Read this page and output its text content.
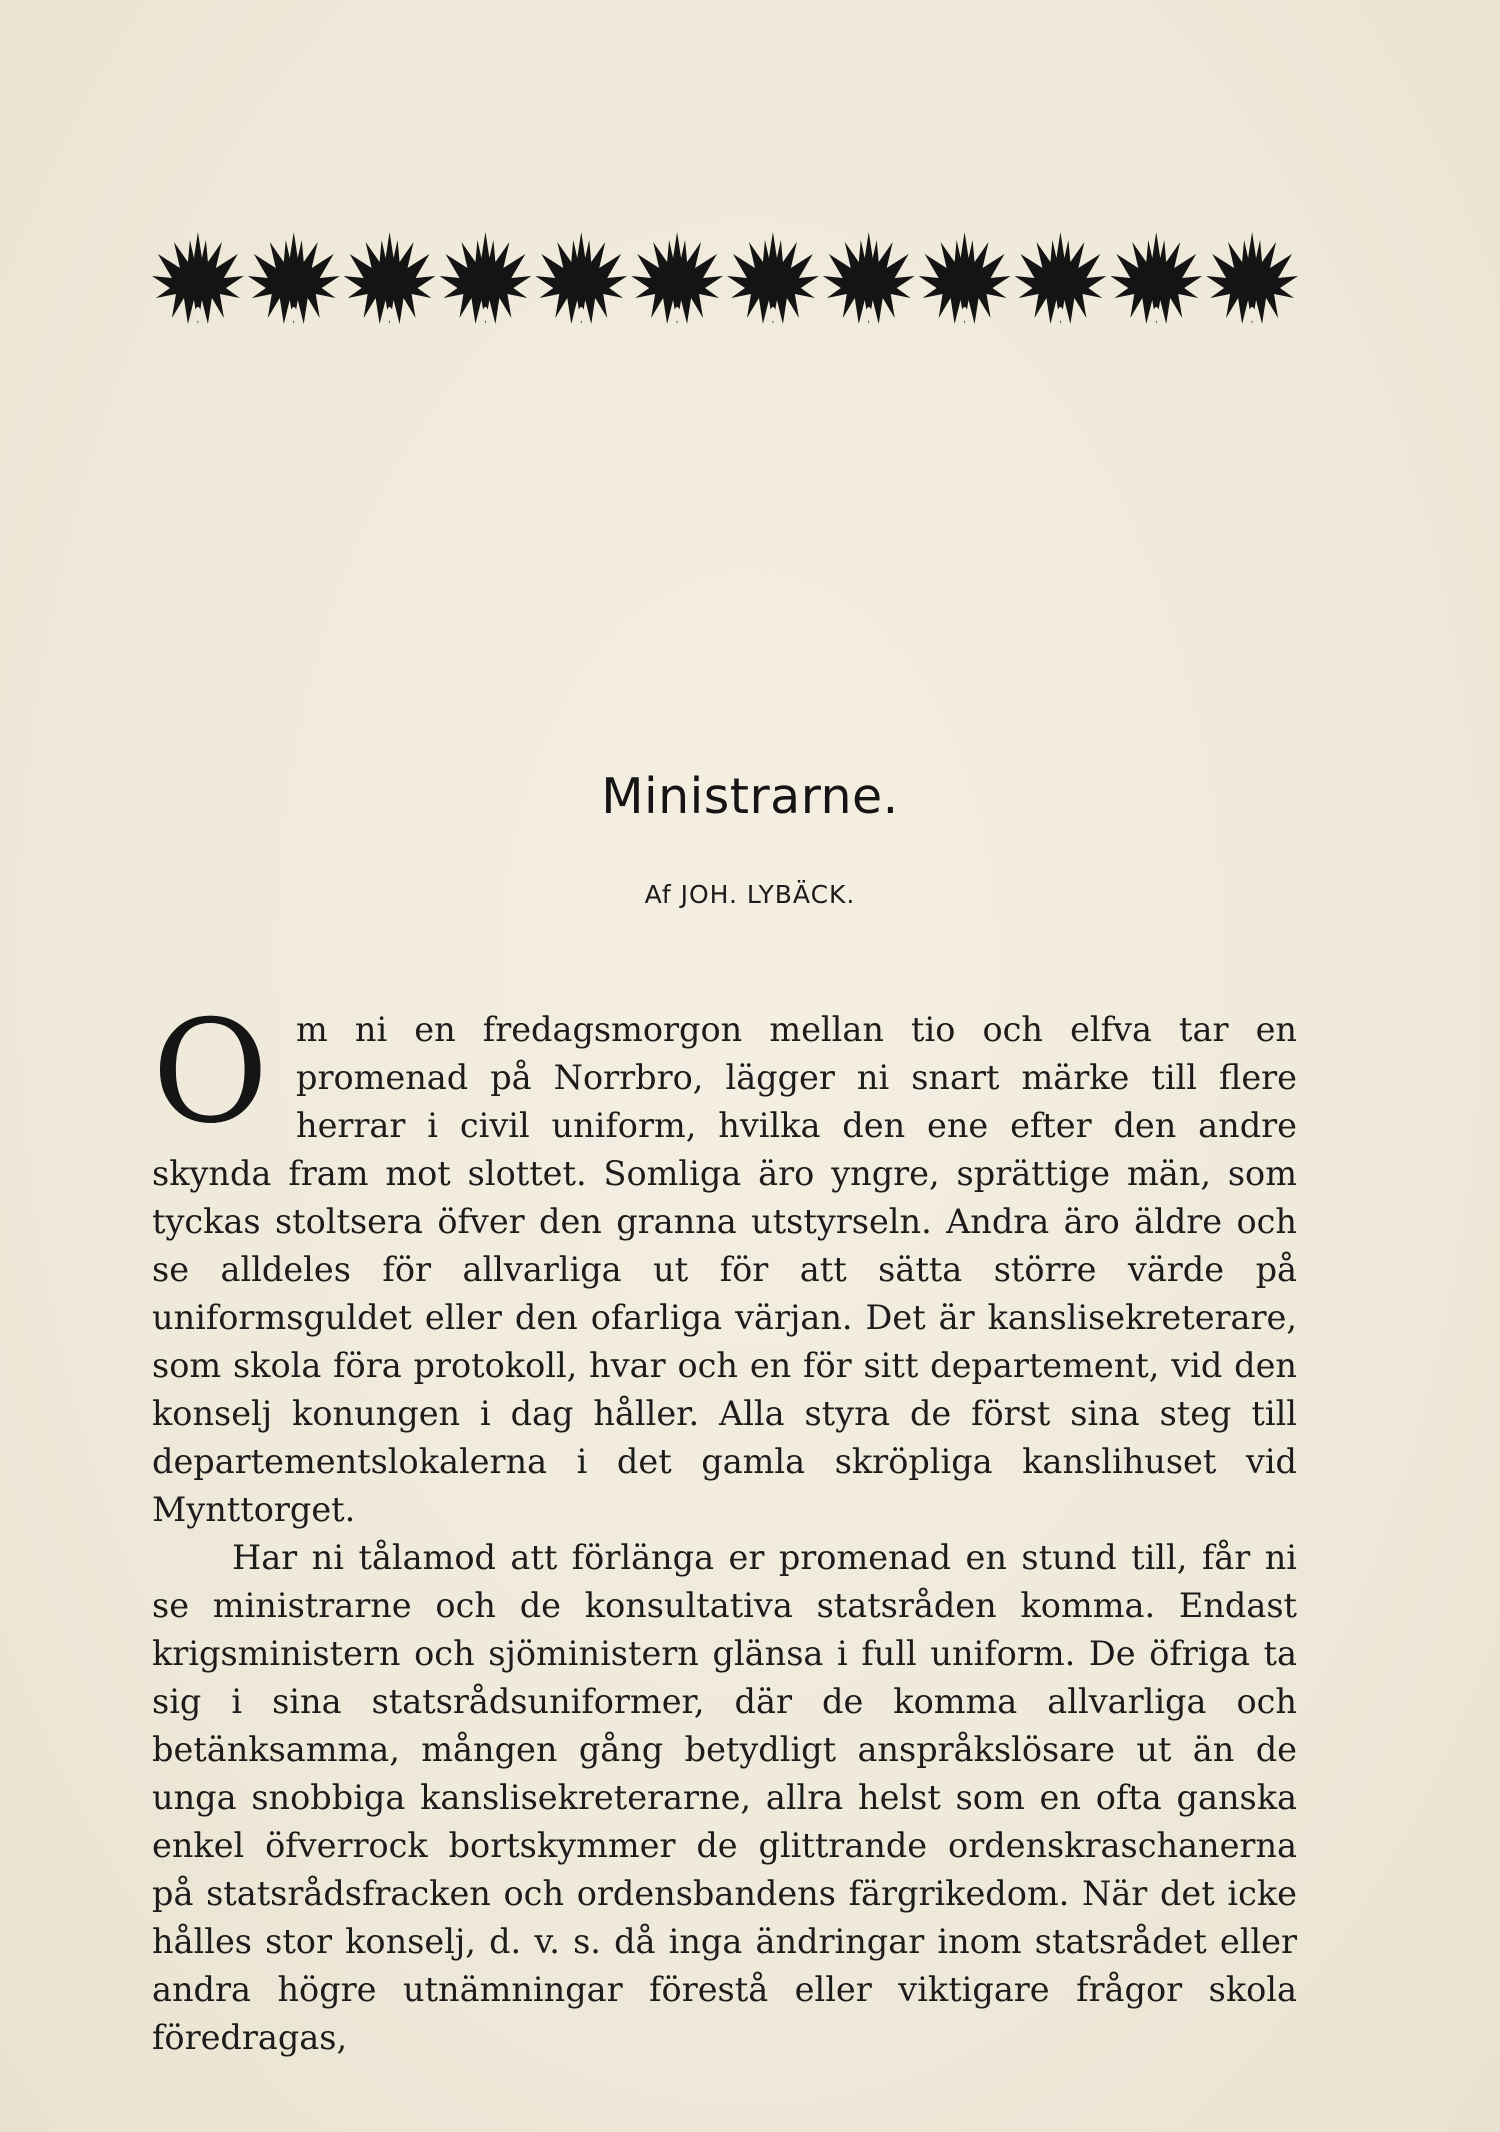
Ministrarne.
Af JOH. LYBÄCK.

O m ni en fredagsmorgon mellan tio och elfva tar en promenad på Norrbro, lägger ni snart märke till flere herrar i civil uniform, hvilka den ene efter den andre skynda fram mot slottet. Somliga äro yngre, sprättige män, som tyckas stoltsera öfver den granna utstyrseln. Andra äro äldre och se alldeles för allvarliga ut för att sätta större värde på uniformsguldet eller den ofarliga värjan. Det är kanslisekreterare, som skola föra protokoll, hvar och en för sitt departement, vid den konselj konungen i dag håller. Alla styra de först sina steg till departementslokalerna i det gamla skröpliga kanslihuset vid Mynttorget.

Har ni tålamod att förlänga er promenad en stund till, får ni se ministrarne och de konsultativa statsråden komma. Endast krigsministern och sjöministern glänsa i full uniform. De öfriga ta sig i sina statsrådsuniformer, där de komma allvarliga och betänksamma, mången gång betydligt anspråkslösare ut än de unga snobbiga kanslisekreterarne, allra helst som en ofta ganska enkel öfverrock bortskymmer de glittrande ordenskraschanerna på statsrådsfracken och ordensbandens färgrikedom. När det icke hålles stor konselj, d. v. s. då inga ändringar inom statsrådet eller andra högre utnämningar förestå eller viktigare frågor skola föredragas,
